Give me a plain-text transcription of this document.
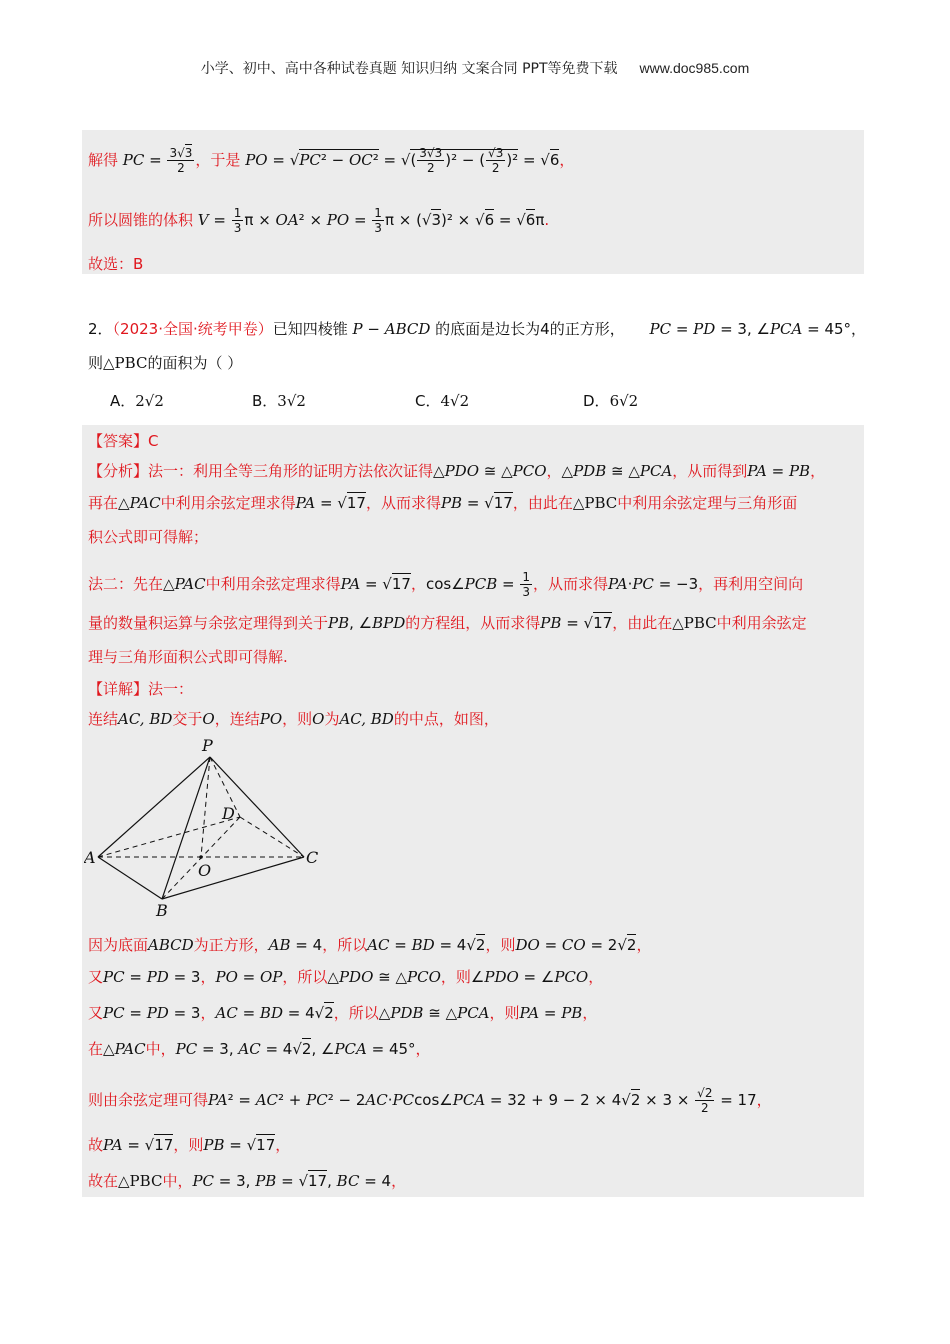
小学、初中、高中各种试卷真题 知识归纳 文案合同 PPT等免费下载 www.doc985.com
解得 PC = $\frac{3√3}{2}$ ，于是 PO = √PC² − OC² = √( $\frac{3√3}{2} )^2$ − ( $\frac{√3}{2} )^2 = √6$，
所以圆锥的体积 $V = \frac{1}{3}$ π × OA² × PO = $\frac{1}{3}$ π × (√3)² × √6 = √6π.
故选：B
2．（2023·全国·统考甲卷）已知四棱锥 P − ABCD 的底面是边长为4的正方形， PC = PD = 3, ∠PCA = 45°，
则△PBC的面积为（ ）
A．2√2	B．3√2	C．4√2	D．6√2
【答案】C
【分析】法一：利用全等三角形的证明方法依次证得△PDO ≅ △PCO，△PDB ≅ △PCA，从而得到PA = PB，
再在△PAC中利用余弦定理求得PA = √17，从而求得PB = √17，由此在△PBC中利用余弦定理与三角形面
积公式即可得解；
法二：先在△PAC中利用余弦定理求得PA = √17，cos∠PCB = $\frac{1}{3}$ ，从而求得PA·PC = −3，再利用空间向
量的数量积运算与余弦定理得到关于PB, ∠BPD的方程组，从而求得PB = √17，由此在△PBC中利用余弦定
理与三角形面积公式即可得解.
【详解】法一：
连结AC, BD交于O，连结PO，则O为AC, BD的中点，如图，
P
A
B
C
D
O
因为底面ABCD为正方形，AB = 4，所以AC = BD = 4√2，则DO = CO = 2√2，
又PC = PD = 3，PO = OP，所以△PDO ≅ △PCO，则∠PDO = ∠PCO，
又PC = PD = 3，AC = BD = 4√2，所以△PDB ≅ △PCA，则PA = PB，
在△PAC中，PC = 3, AC = 4√2, ∠PCA = 45°，
则由余弦定理可得PA² = AC² + PC² − 2AC·PCcos∠PCA = $32 + 9 - 2 \times 4√2 \times 3 \times \frac{√2}{2} = 17$，
故PA = √17，则PB = √17，
故在△PBC中，PC = 3, PB = √17, BC = 4，
